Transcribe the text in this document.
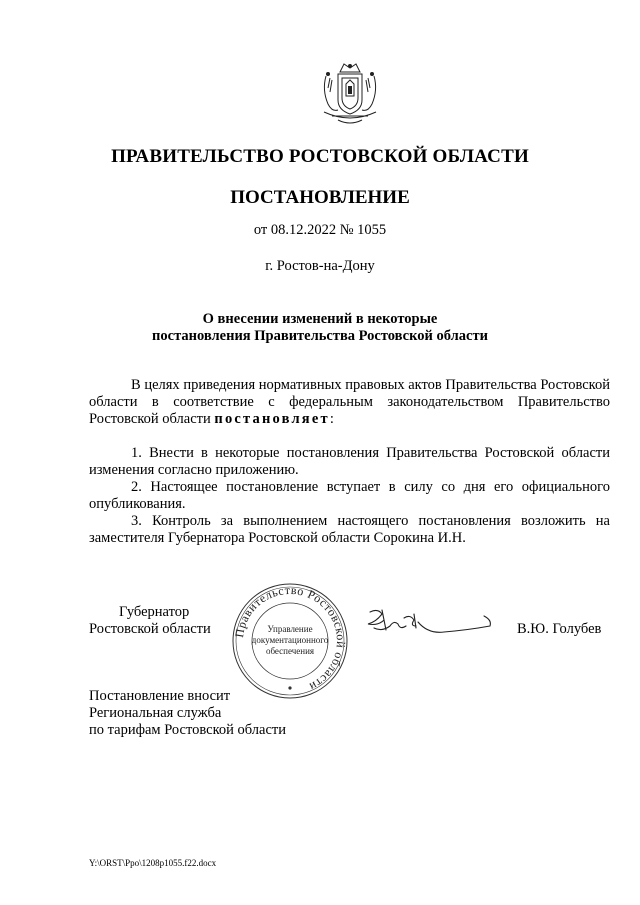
ПРАВИТЕЛЬСТВО РОСТОВСКОЙ ОБЛАСТИ
ПОСТАНОВЛЕНИЕ
от 08.12.2022 № 1055
г. Ростов-на-Дону
О внесении изменений в некоторые
постановления Правительства Ростовской области
В целях приведения нормативных правовых актов Правительства Ростовской области в соответствие с федеральным законодательством Правительство Ростовской области постановляет:
1. Внести в некоторые постановления Правительства Ростовской области изменения согласно приложению.
2. Настоящее постановление вступает в силу со дня его официального опубликования.
3. Контроль за выполнением настоящего постановления возложить на заместителя Губернатора Ростовской области Сорокина И.Н.
Губернатор
Ростовской области Правительство Ростовской области
Управление
документационного
обеспечения
В.Ю. Голубев
Постановление вносит
Региональная служба
по тарифам Ростовской области
Y:\ORST\Ppo\1208p1055.f22.docx
